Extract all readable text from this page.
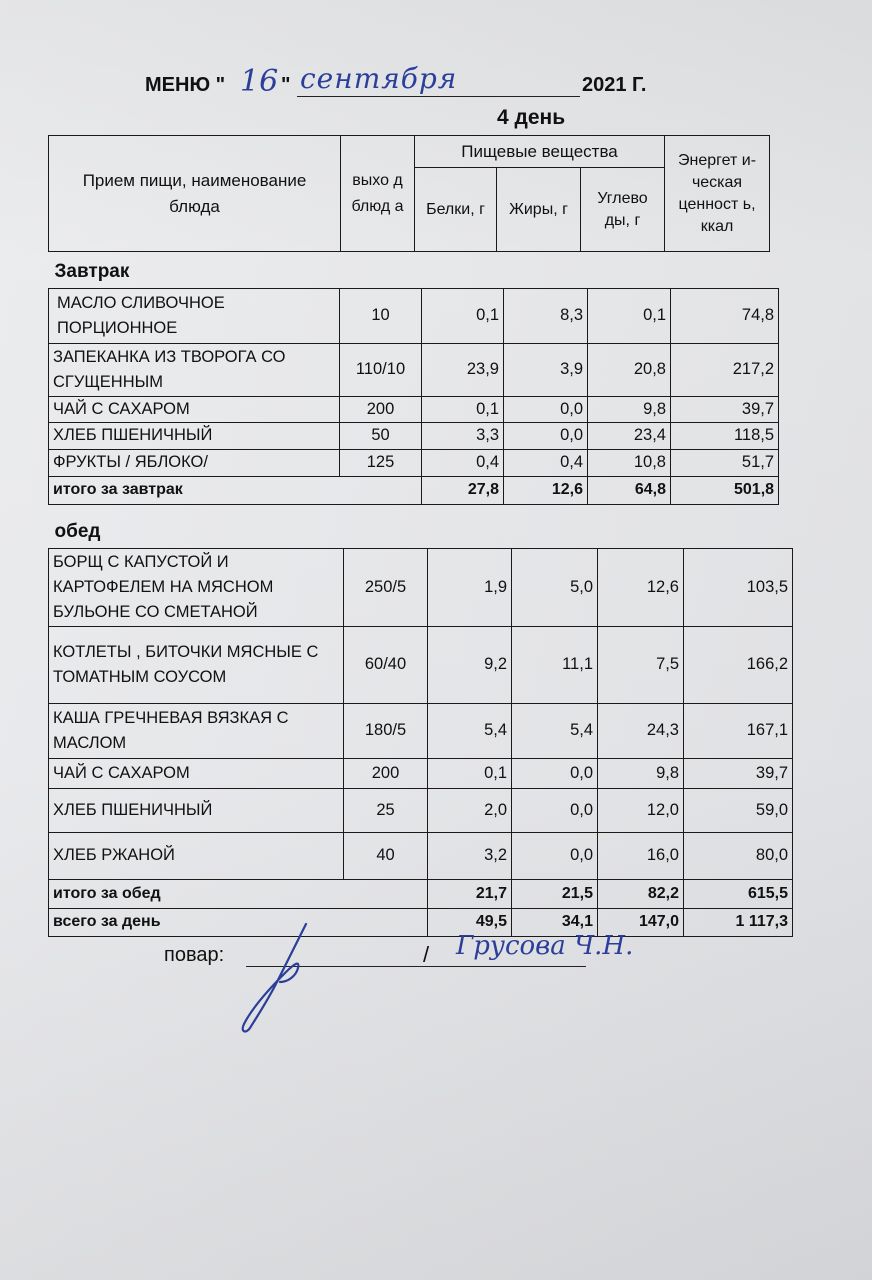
МЕНЮ " 16 " сентября	2021 Г.
4 день
Прием пищи, наименование блюда	выхо д блюд а	Пищевые вещества			Энергет и-ческая ценност ь, ккал
		Белки, г	Жиры, г	Углево ды, г	
Завтрак					
МАСЛО СЛИВОЧНОЕ ПОРЦИОННОЕ	10	0,1	8,3	0,1	74,8
ЗАПЕКАНКА ИЗ ТВОРОГА СО СГУЩЕННЫМ	110/10	23,9	3,9	20,8	217,2
ЧАЙ С САХАРОМ	200	0,1	0,0	9,8	39,7
ХЛЕБ ПШЕНИЧНЫЙ	50	3,3	0,0	23,4	118,5
ФРУКТЫ / ЯБЛОКО/	125	0,4	0,4	10,8	51,7
итого за завтрак		27,8	12,6	64,8	501,8
обед					
БОРЩ С КАПУСТОЙ И КАРТОФЕЛЕМ НА МЯСНОМ БУЛЬОНЕ СО СМЕТАНОЙ	250/5	1,9	5,0	12,6	103,5
КОТЛЕТЫ , БИТОЧКИ МЯСНЫЕ С ТОМАТНЫМ СОУСОМ	60/40	9,2	11,1	7,5	166,2
КАША ГРЕЧНЕВАЯ ВЯЗКАЯ С МАСЛОМ	180/5	5,4	5,4	24,3	167,1
ЧАЙ С САХАРОМ	200	0,1	0,0	9,8	39,7
ХЛЕБ ПШЕНИЧНЫЙ	25	2,0	0,0	12,0	59,0
ХЛЕБ РЖАНОЙ	40	3,2	0,0	16,0	80,0
итого за обед		21,7	21,5	82,2	615,5
всего за день		49,5	34,1	147,0	1 117,3
повар:	/ Грусова Ч.Н.
